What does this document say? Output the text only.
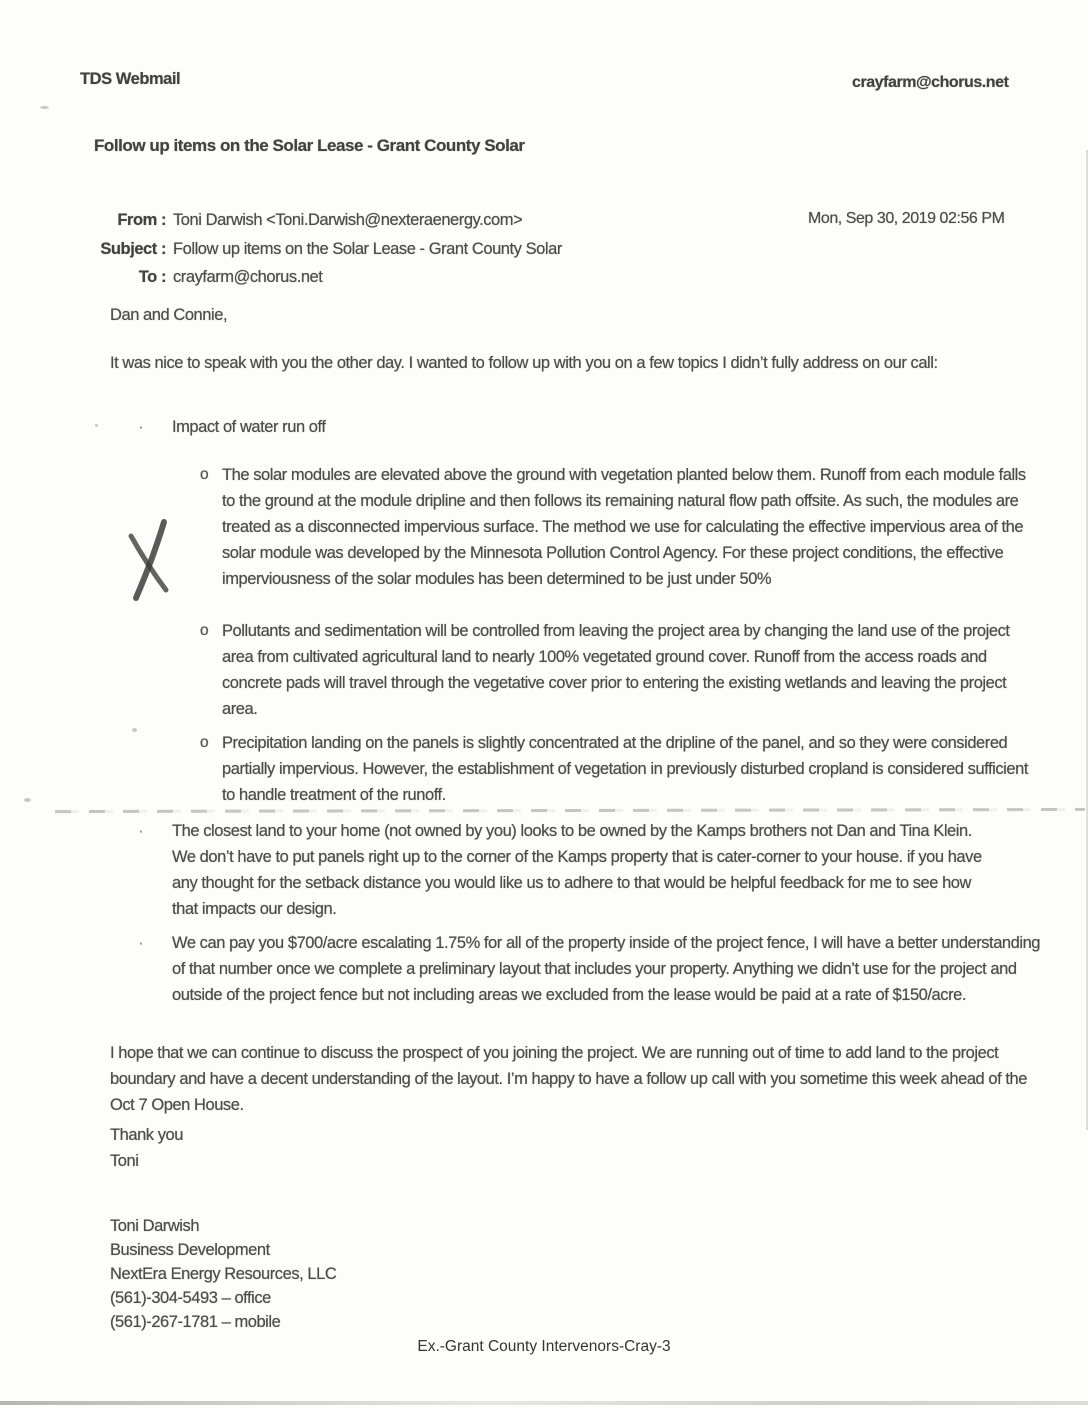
TDS Webmail	crayfarm@chorus.net
Follow up items on the Solar Lease - Grant County Solar
From : Toni Darwish <Toni.Darwish@nexteraenergy.com>
Subject : Follow up items on the Solar Lease - Grant County Solar
To : crayfarm@chorus.net
Mon, Sep 30, 2019 02:56 PM
Dan and Connie,
It was nice to speak with you the other day. I wanted to follow up with you on a few topics I didn’t fully address on our call:
·	Impact of water run off
o The solar modules are elevated above the ground with vegetation planted below them. Runoff from each module falls to the ground at the module dripline and then follows its remaining natural flow path offsite. As such, the modules are treated as a disconnected impervious surface. The method we use for calculating the effective impervious area of the solar module was developed by the Minnesota Pollution Control Agency. For these project conditions, the effective imperviousness of the solar modules has been determined to be just under 50%
o Pollutants and sedimentation will be controlled from leaving the project area by changing the land use of the project area from cultivated agricultural land to nearly 100% vegetated ground cover. Runoff from the access roads and concrete pads will travel through the vegetative cover prior to entering the existing wetlands and leaving the project area.
o Precipitation landing on the panels is slightly concentrated at the dripline of the panel, and so they were considered partially impervious. However, the establishment of vegetation in previously disturbed cropland is considered sufficient to handle treatment of the runoff.
·	The closest land to your home (not owned by you) looks to be owned by the Kamps brothers not Dan and Tina Klein. We don’t have to put panels right up to the corner of the Kamps property that is cater-corner to your house. if you have any thought for the setback distance you would like us to adhere to that would be helpful feedback for me to see how that impacts our design.
·	We can pay you $700/acre escalating 1.75% for all of the property inside of the project fence, I will have a better understanding of that number once we complete a preliminary layout that includes your property. Anything we didn’t use for the project and outside of the project fence but not including areas we excluded from the lease would be paid at a rate of $150/acre.
I hope that we can continue to discuss the prospect of you joining the project. We are running out of time to add land to the project boundary and have a decent understanding of the layout. I’m happy to have a follow up call with you sometime this week ahead of the Oct 7 Open House.
Thank you
Toni
Toni Darwish
Business Development
NextEra Energy Resources, LLC
(561)-304-5493 – office
(561)-267-1781 – mobile
Ex.-Grant County Intervenors-Cray-3
